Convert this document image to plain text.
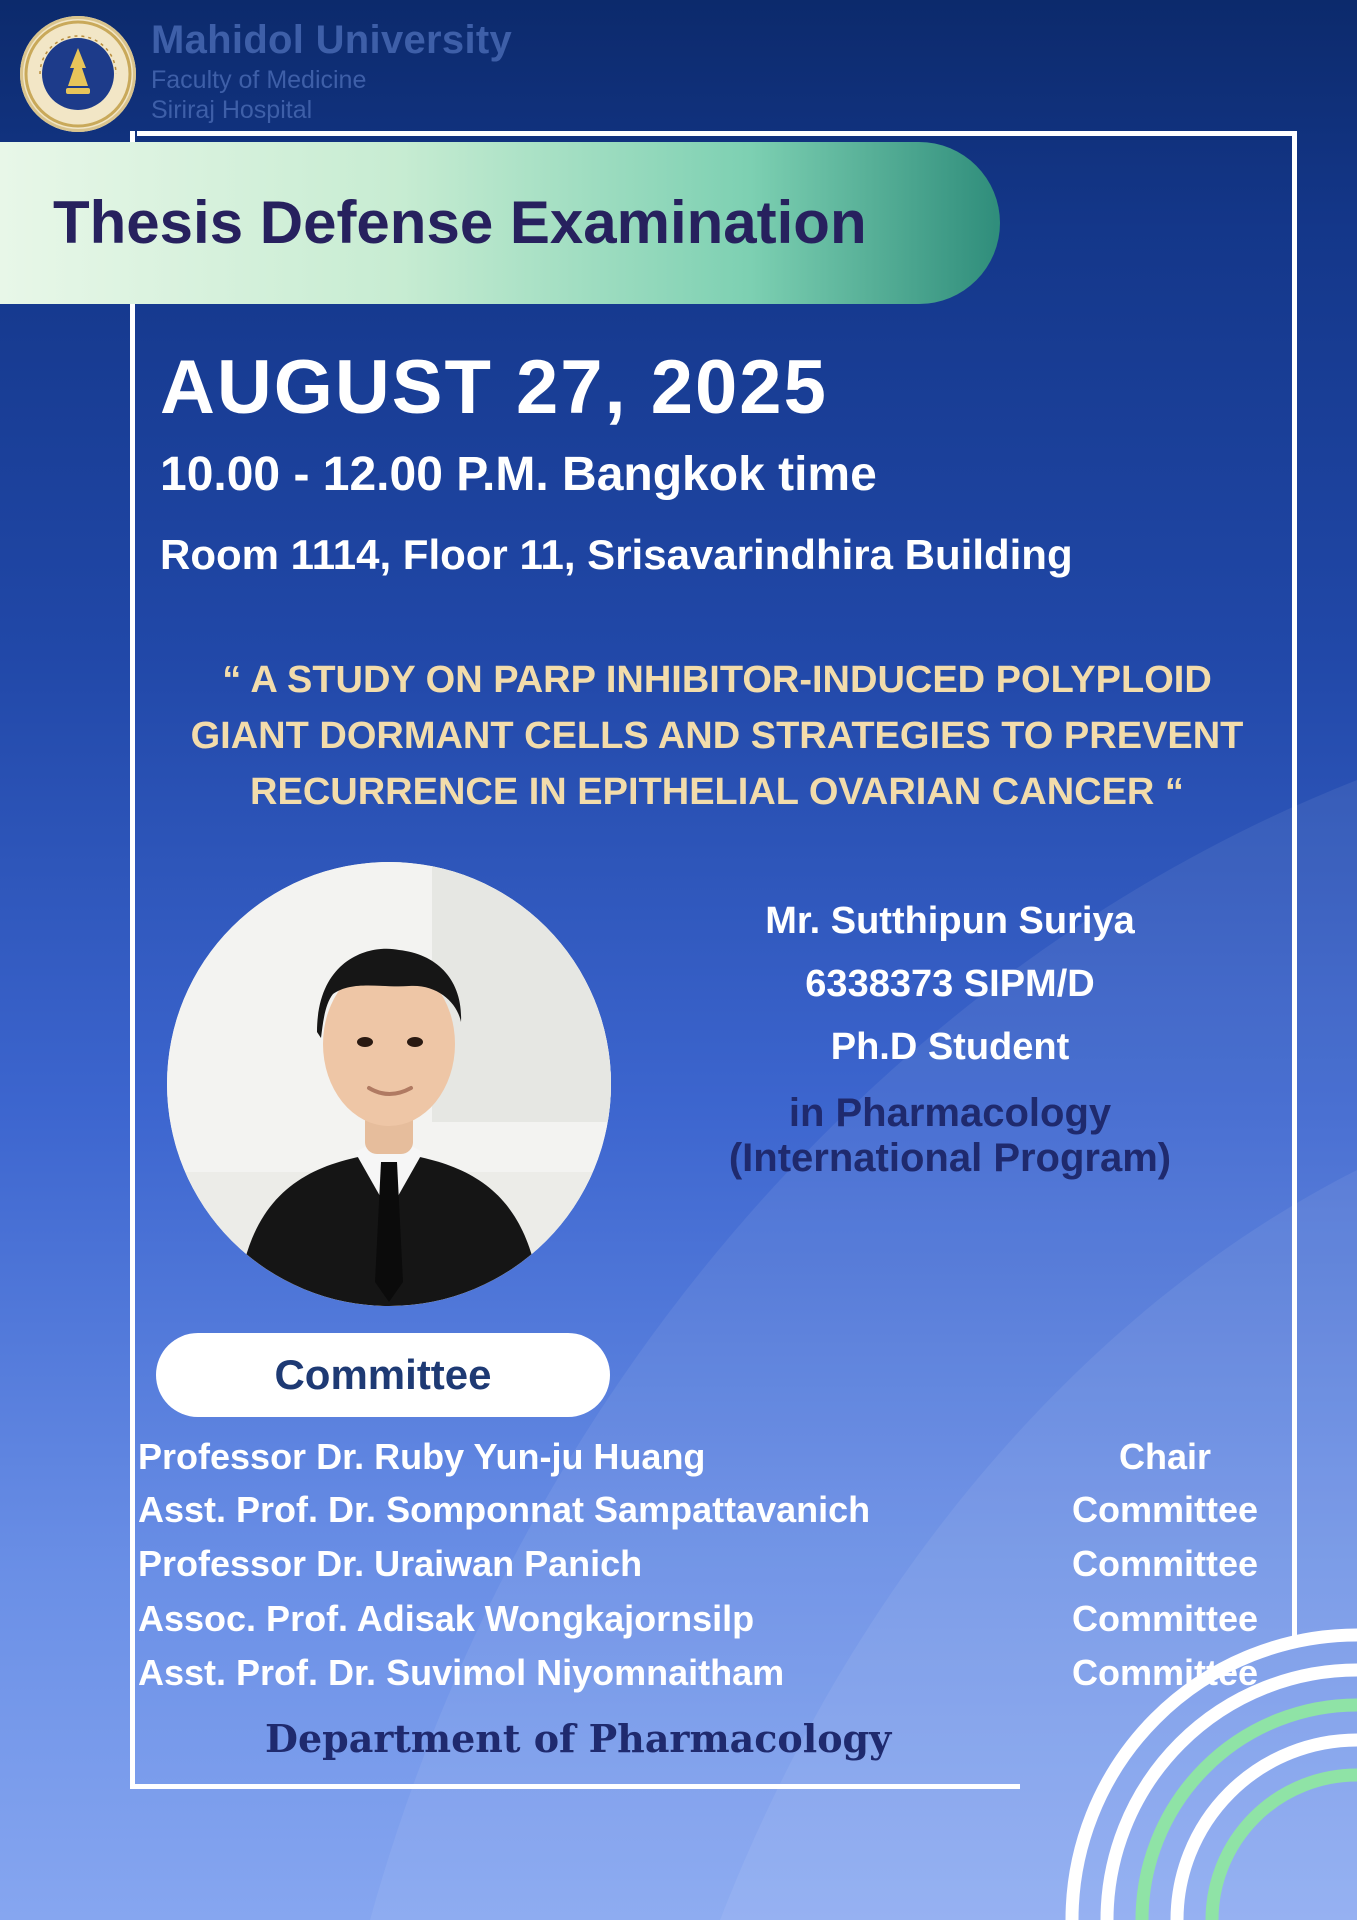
Mahidol University
Faculty of Medicine
Siriraj Hospital
Thesis Defense Examination
AUGUST 27, 2025
10.00 - 12.00 P.M. Bangkok time
Room 1114, Floor 11, Srisavarindhira Building
“ A STUDY ON PARP INHIBITOR-INDUCED POLYPLOID
GIANT DORMANT CELLS AND STRATEGIES TO PREVENT
RECURRENCE IN EPITHELIAL OVARIAN CANCER “
Mr. Sutthipun Suriya
6338373 SIPM/D
Ph.D Student
in Pharmacology
(International Program)
Committee
Professor Dr. Ruby Yun-ju Huang	Chair
Asst. Prof. Dr. Somponnat Sampattavanich	Committee
Professor Dr. Uraiwan Panich	Committee
Assoc. Prof. Adisak Wongkajornsilp	Committee
Asst. Prof. Dr. Suvimol Niyomnaitham	Committee
Department of Pharmacology
